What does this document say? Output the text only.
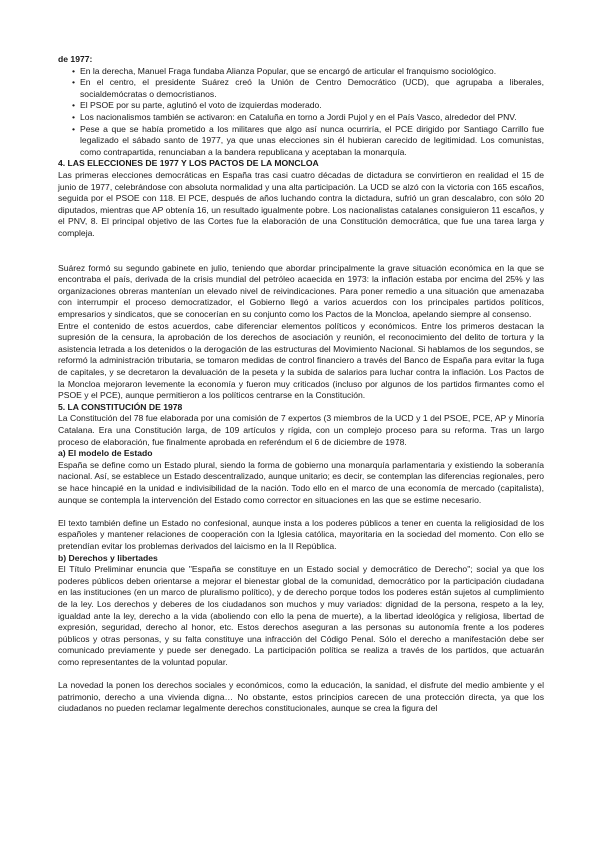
de 1977:

• En la derecha, Manuel Fraga fundaba Alianza Popular, que se encargó de articular el franquismo sociológico.
• En el centro, el presidente Suárez creó la Unión de Centro Democrático (UCD), que agrupaba a liberales, socialdemócratas o democristianos.
• El PSOE por su parte, aglutinó el voto de izquierdas moderado.
• Los nacionalismos también se activaron: en Cataluña en torno a Jordi Pujol y en el País Vasco, alrededor del PNV.
• Pese a que se había prometido a los militares que algo así nunca ocurriría, el PCE dirigido por Santiago Carrillo fue legalizado el sábado santo de 1977, ya que unas elecciones sin él hubieran carecido de legitimidad. Los comunistas, como contrapartida, renunciaban a la bandera republicana y aceptaban la monarquía.

4. LAS ELECCIONES DE 1977 Y LOS PACTOS DE LA MONCLOA

Las primeras elecciones democráticas en España tras casi cuatro décadas de dictadura se convirtieron en realidad el 15 de junio de 1977, celebrándose con absoluta normalidad y una alta participación. La UCD se alzó con la victoria con 165 escaños, seguida por el PSOE con 118. El PCE, después de años luchando contra la dictadura, sufrió un gran descalabro, con sólo 20 diputados, mientras que AP obtenía 16, un resultado igualmente pobre. Los nacionalistas catalanes consiguieron 11 escaños, y el PNV, 8. El principal objetivo de las Cortes fue la elaboración de una Constitución democrática, que fue una tarea larga y compleja.

Suárez formó su segundo gabinete en julio, teniendo que abordar principalmente la grave situación económica en la que se encontraba el país, derivada de la crisis mundial del petróleo acaecida en 1973: la inflación estaba por encima del 25% y las organizaciones obreras mantenían un elevado nivel de reivindicaciones. Para poner remedio a una situación que amenazaba con interrumpir el proceso democratizador, el Gobierno llegó a varios acuerdos con los principales partidos políticos, empresarios y sindicatos, que se conocerían en su conjunto como los Pactos de la Moncloa, apelando siempre al consenso.

Entre el contenido de estos acuerdos, cabe diferenciar elementos políticos y económicos. Entre los primeros destacan la supresión de la censura, la aprobación de los derechos de asociación y reunión, el reconocimiento del delito de tortura y la asistencia letrada a los detenidos o la derogación de las estructuras del Movimiento Nacional. Si hablamos de los segundos, se reformó la administración tributaria, se tomaron medidas de control financiero a través del Banco de España para evitar la fuga de capitales, y se decretaron la devaluación de la peseta y la subida de salarios para luchar contra la inflación. Los Pactos de la Moncloa mejoraron levemente la economía y fueron muy criticados (incluso por algunos de los partidos firmantes como el PSOE y el PCE), aunque permitieron a los políticos centrarse en la Constitución.

5. LA CONSTITUCIÓN DE 1978

La Constitución del 78 fue elaborada por una comisión de 7 expertos (3 miembros de la UCD y 1 del PSOE, PCE, AP y Minoría Catalana. Era una Constitución larga, de 109 artículos y rígida, con un complejo proceso para su reforma. Tras un largo proceso de elaboración, fue finalmente aprobada en referéndum el 6 de diciembre de 1978.

a) El modelo de Estado

España se define como un Estado plural, siendo la forma de gobierno una monarquía parlamentaria y existiendo la soberanía nacional. Así, se establece un Estado descentralizado, aunque unitario; es decir, se contemplan las diferencias regionales, pero se hace hincapié en la unidad e indivisibilidad de la nación. Todo ello en el marco de una economía de mercado (capitalista), aunque se contempla la intervención del Estado como corrector en situaciones en las que se estime necesario.

El texto también define un Estado no confesional, aunque insta a los poderes públicos a tener en cuenta la religiosidad de los españoles y mantener relaciones de cooperación con la Iglesia católica, mayoritaria en la sociedad del momento. Con ello se pretendían evitar los problemas derivados del laicismo en la II República.

b) Derechos y libertades

El Título Preliminar enuncia que "España se constituye en un Estado social y democrático de Derecho"; social ya que los poderes públicos deben orientarse a mejorar el bienestar global de la comunidad, democrático por la participación ciudadana en las instituciones (en un marco de pluralismo político), y de derecho porque todos los poderes están sujetos al cumplimiento de la ley. Los derechos y deberes de los ciudadanos son muchos y muy variados: dignidad de la persona, respeto a la ley, igualdad ante la ley, derecho a la vida (aboliendo con ello la pena de muerte), a la libertad ideológica y religiosa, libertad de expresión, seguridad, derecho al honor, etc. Estos derechos aseguran a las personas su autonomía frente a los poderes públicos y otras personas, y su falta constituye una infracción del Código Penal. Sólo el derecho a manifestación debe ser comunicado previamente y puede ser denegado. La participación política se realiza a través de los partidos, que actuarán como representantes de la voluntad popular.

La novedad la ponen los derechos sociales y económicos, como la educación, la sanidad, el disfrute del medio ambiente y el patrimonio, derecho a una vivienda digna… No obstante, estos principios carecen de una protección directa, ya que los ciudadanos no pueden reclamar legalmente derechos constitucionales, aunque se crea la figura del
